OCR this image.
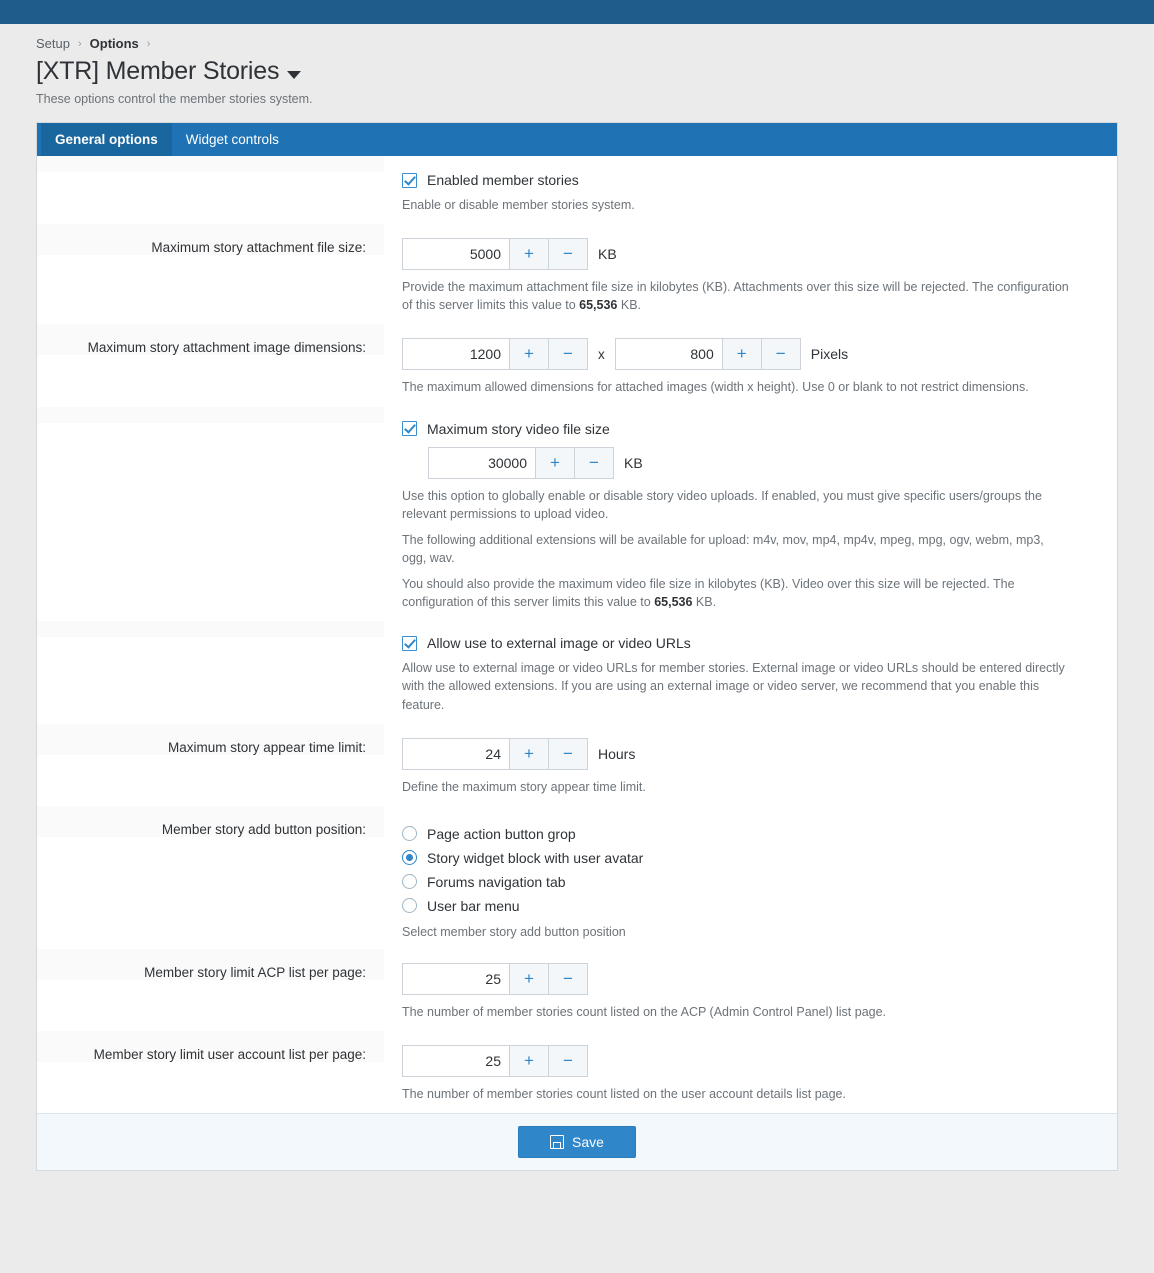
Setup › Options ›
[XTR] Member Stories
These options control the member stories system.
General options	Widget controls
Enabled member stories
Enable or disable member stories system.
Maximum story attachment file size:
5000	+	−	KB
Provide the maximum attachment file size in kilobytes (KB). Attachments over this size will be rejected. The configuration of this server limits this value to 65,536 KB.
Maximum story attachment image dimensions:
1200	+	−	x
800	+	−	Pixels
The maximum allowed dimensions for attached images (width x height). Use 0 or blank to not restrict dimensions.
Maximum story video file size
30000
+	−	KB
Use this option to globally enable or disable story video uploads. If enabled, you must give specific users/groups the relevant permissions to upload video.
The following additional extensions will be available for upload: m4v, mov, mp4, mp4v, mpeg, mpg, ogv, webm, mp3, ogg, wav.
You should also provide the maximum video file size in kilobytes (KB). Video over this size will be rejected. The configuration of this server limits this value to 65,536 KB.
Allow use to external image or video URLs
Allow use to external image or video URLs for member stories. External image or video URLs should be entered directly with the allowed extensions. If you are using an external image or video server, we recommend that you enable this feature.
Maximum story appear time limit:
24	+	−	Hours
Define the maximum story appear time limit.
Member story add button position:	Page action button grop
Story widget block with user avatar
Forums navigation tab
User bar menu
Select member story add button position
Member story limit ACP list per page:
25	+	−
The number of member stories count listed on the ACP (Admin Control Panel) list page.
Member story limit user account list per page:
25	+	−
The number of member stories count listed on the user account details list page.
Save
